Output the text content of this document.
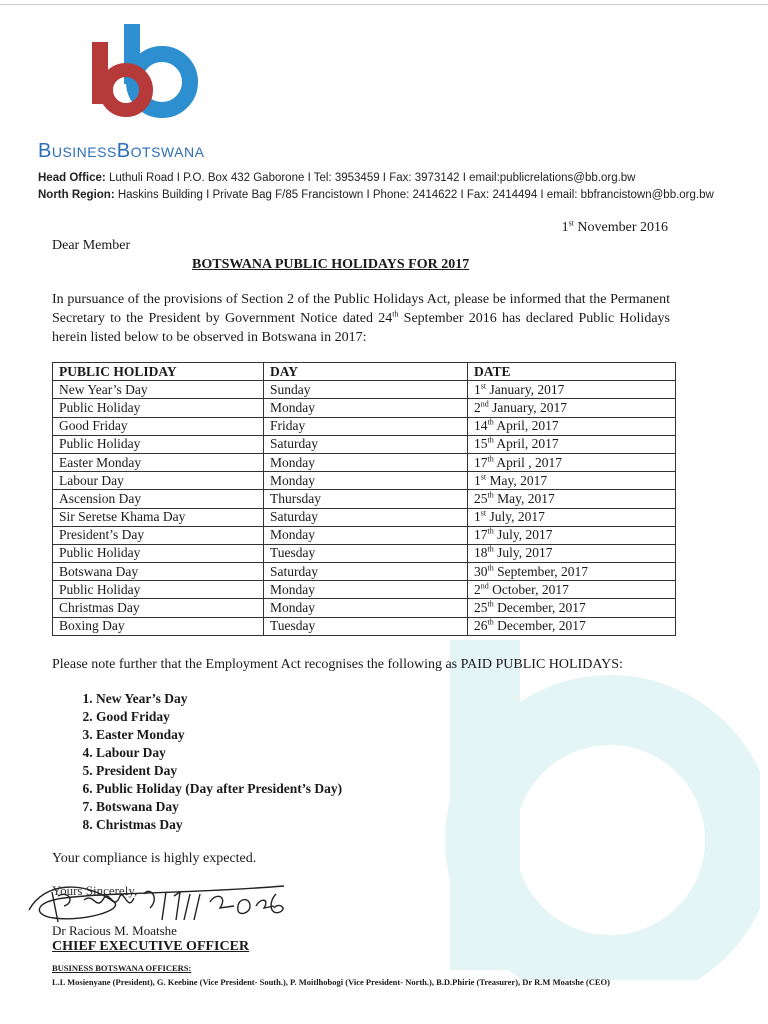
BusinessBotswana
Head Office: Luthuli Road I P.O. Box 432 Gaborone I Tel: 3953459 I Fax: 3973142 I email:publicrelations@bb.org.bw
North Region: Haskins Building I Private Bag F/85 Francistown I Phone: 2414622 I Fax: 2414494 I email: bbfrancistown@bb.org.bw
1st November 2016
Dear Member
BOTSWANA PUBLIC HOLIDAYS FOR 2017
In pursuance of the provisions of Section 2 of the Public Holidays Act, please be informed that the Permanent Secretary to the President by Government Notice dated 24th September 2016 has declared Public Holidays herein listed below to be observed in Botswana in 2017:
PUBLIC HOLIDAY	DAY	DATE
New Year’s Day	Sunday	1st January, 2017
Public Holiday	Monday	2nd January, 2017
Good Friday	Friday	14th April, 2017
Public Holiday	Saturday	15th April, 2017
Easter Monday	Monday	17th April , 2017
Labour Day	Monday	1st May, 2017
Ascension Day	Thursday	25th May, 2017
Sir Seretse Khama Day	Saturday	1st July, 2017
President’s Day	Monday	17th July, 2017
Public Holiday	Tuesday	18th July, 2017
Botswana Day	Saturday	30th September, 2017
Public Holiday	Monday	2nd October, 2017
Christmas Day	Monday	25th December, 2017
Boxing Day	Tuesday	26th December, 2017
Please note further that the Employment Act recognises the following as PAID PUBLIC HOLIDAYS:
1. New Year’s Day
2. Good Friday
3. Easter Monday
4. Labour Day
5. President Day
6. Public Holiday (Day after President’s Day)
7. Botswana Day
8. Christmas Day
Your compliance is highly expected.
Yours Sincerely,
Dr Racious M. Moatshe
CHIEF EXECUTIVE OFFICER
BUSINESS BOTSWANA OFFICERS:
L.L Mosienyane (President), G. Keebine (Vice President- South.), P. Moitlhobogi (Vice President- North.), B.D.Phirie (Treasurer), Dr R.M Moatshe (CEO)
